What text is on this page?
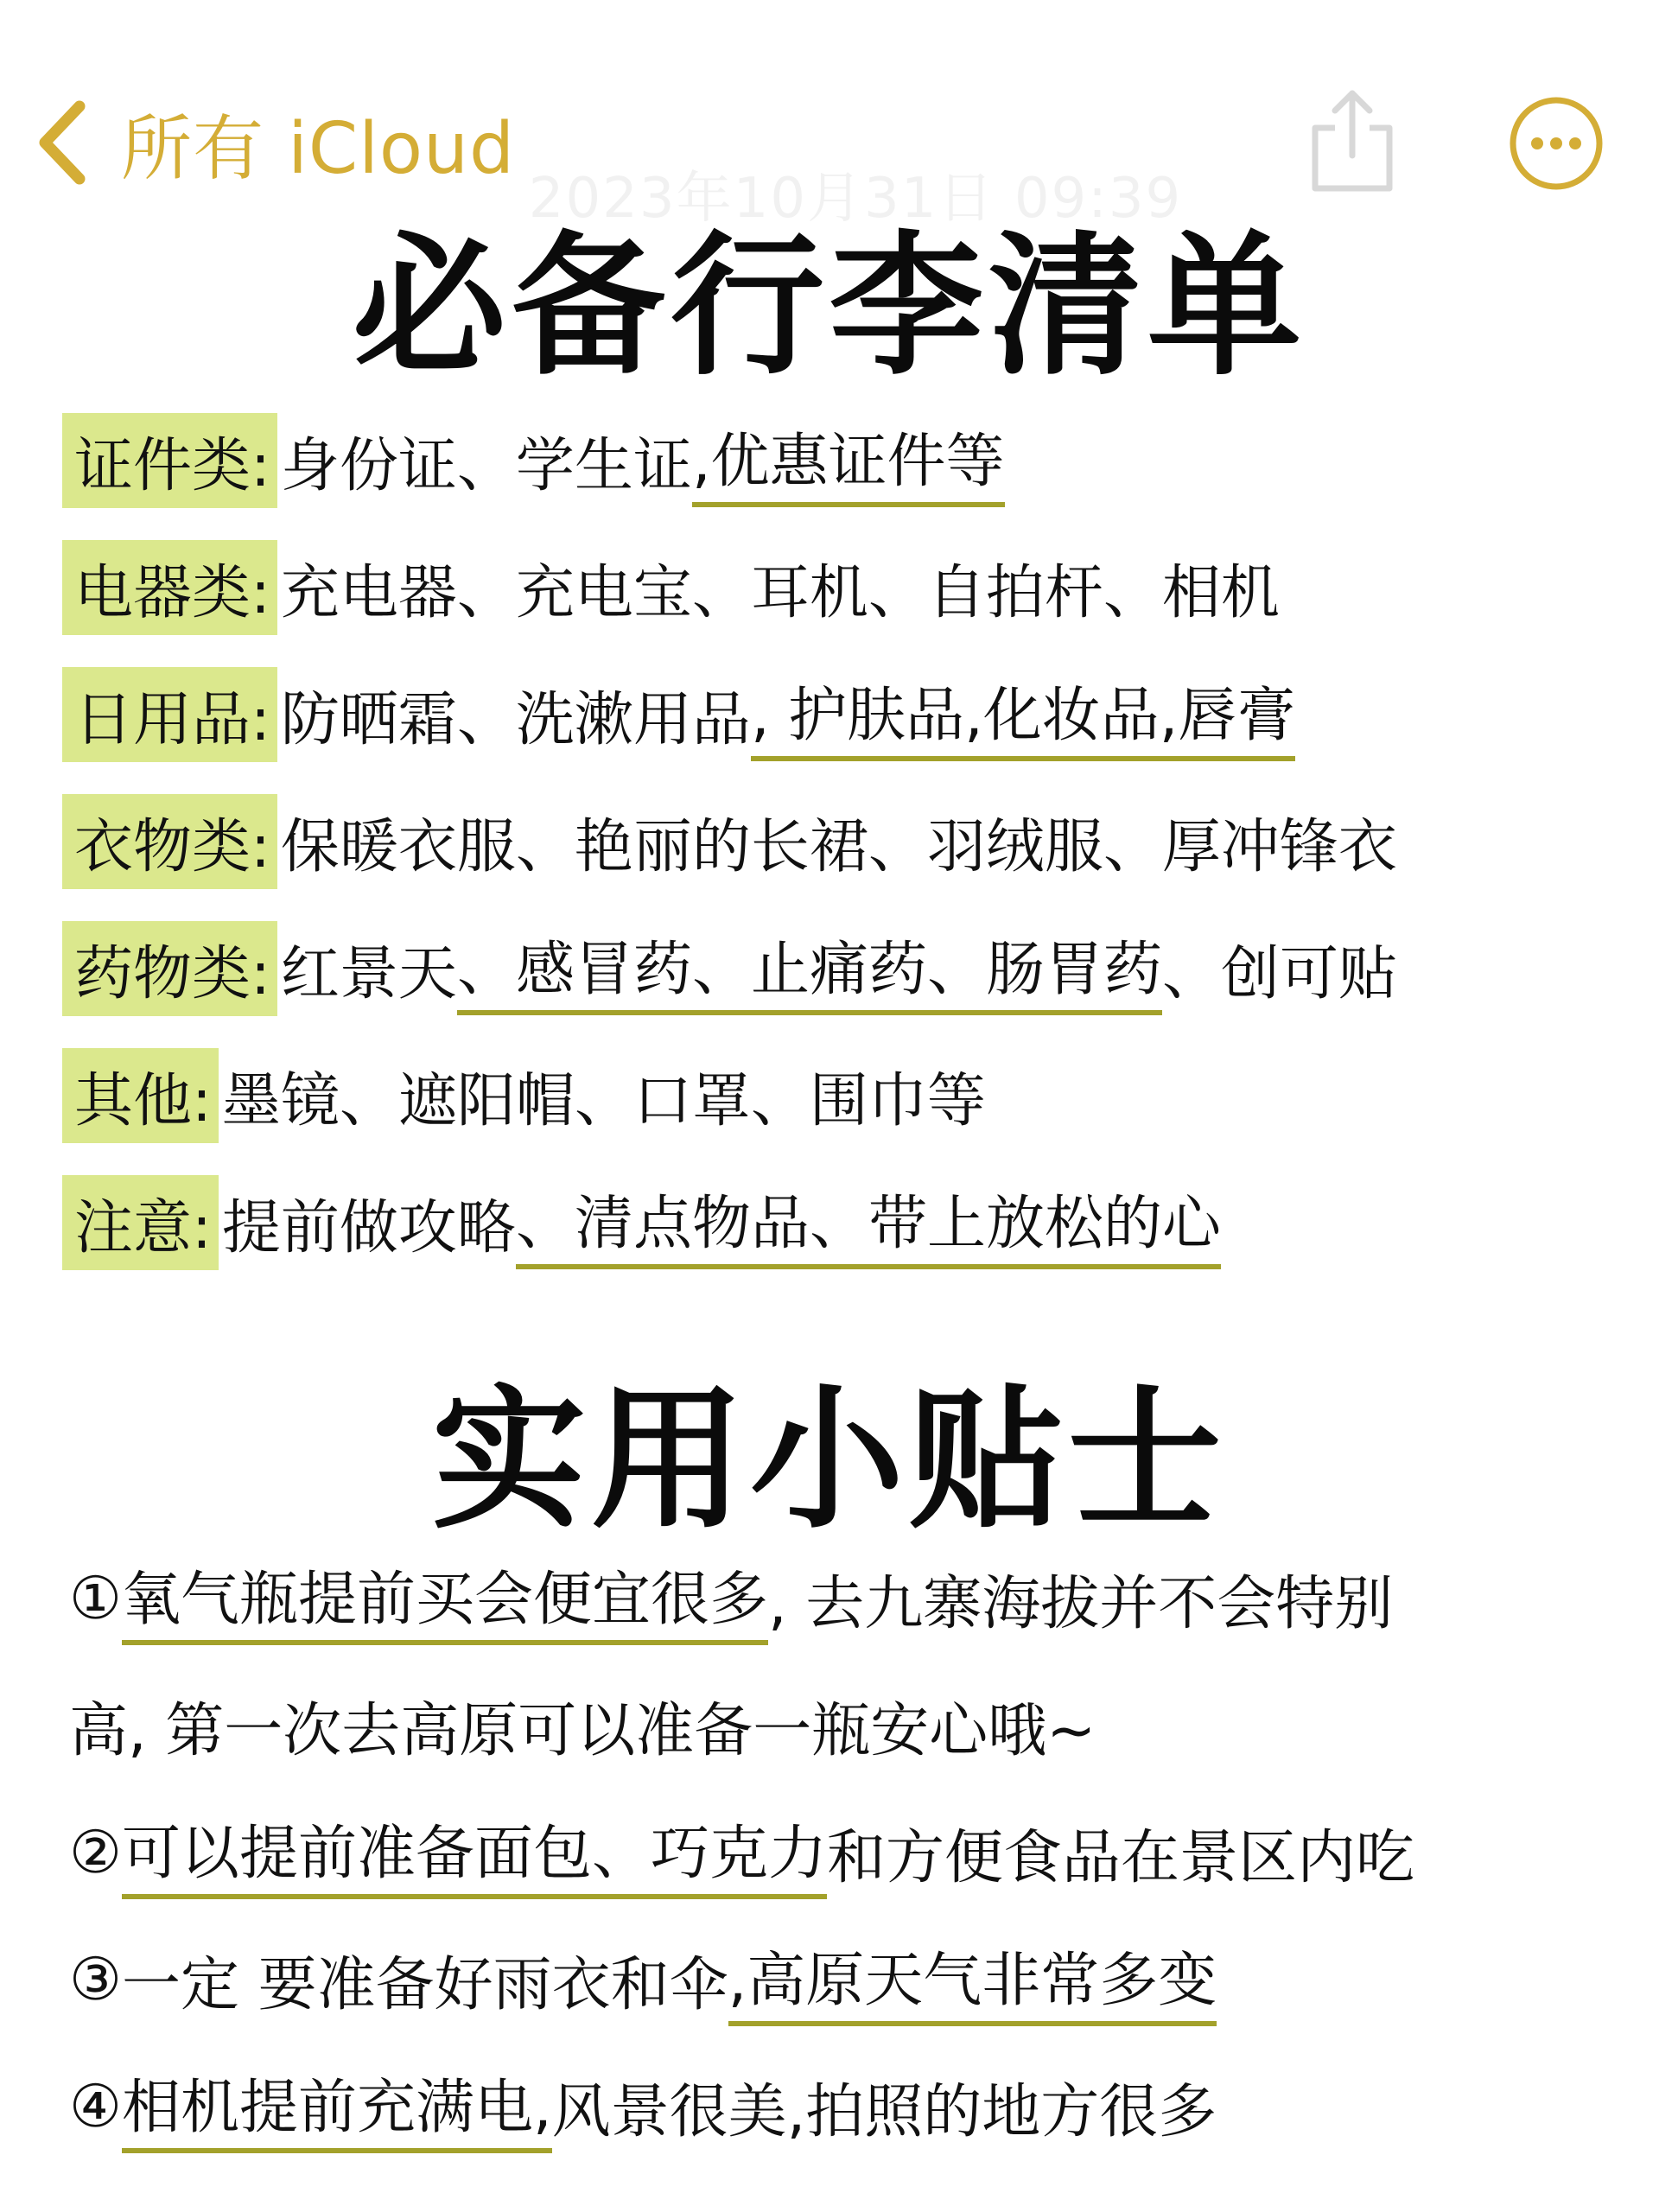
所有 iCloud
2023年10月31日 09:39
必备行李清单
证件类: 身份证、学生证 ,优惠证件等
电器类: 充电器、充电宝、耳机、自拍杆、相机
日用品: 防晒霜、洗漱用品 , 护肤品,化妆品,唇膏
衣物类: 保暖衣服、艳丽的长裙、羽绒服、厚冲锋衣
药物类: 红景天 、感冒药、止痛药、肠胃药 、创可贴
其他: 墨镜、遮阳帽、口罩、围巾等
注意: 提前做攻略 、清点物品、带上放松的心
实用小贴士
① 氧气瓶提前买会便宜很多 , 去九寨海拔并不会特别
高, 第一次去高原可以准备一瓶安心哦~
② 可以提前准备面包、巧克力 和方便食品在景区内吃
③ 一定 要准备好雨衣和伞 ,高原天气非常多变
④ 相机提前充满电, 风景很美,拍照的地方很多
